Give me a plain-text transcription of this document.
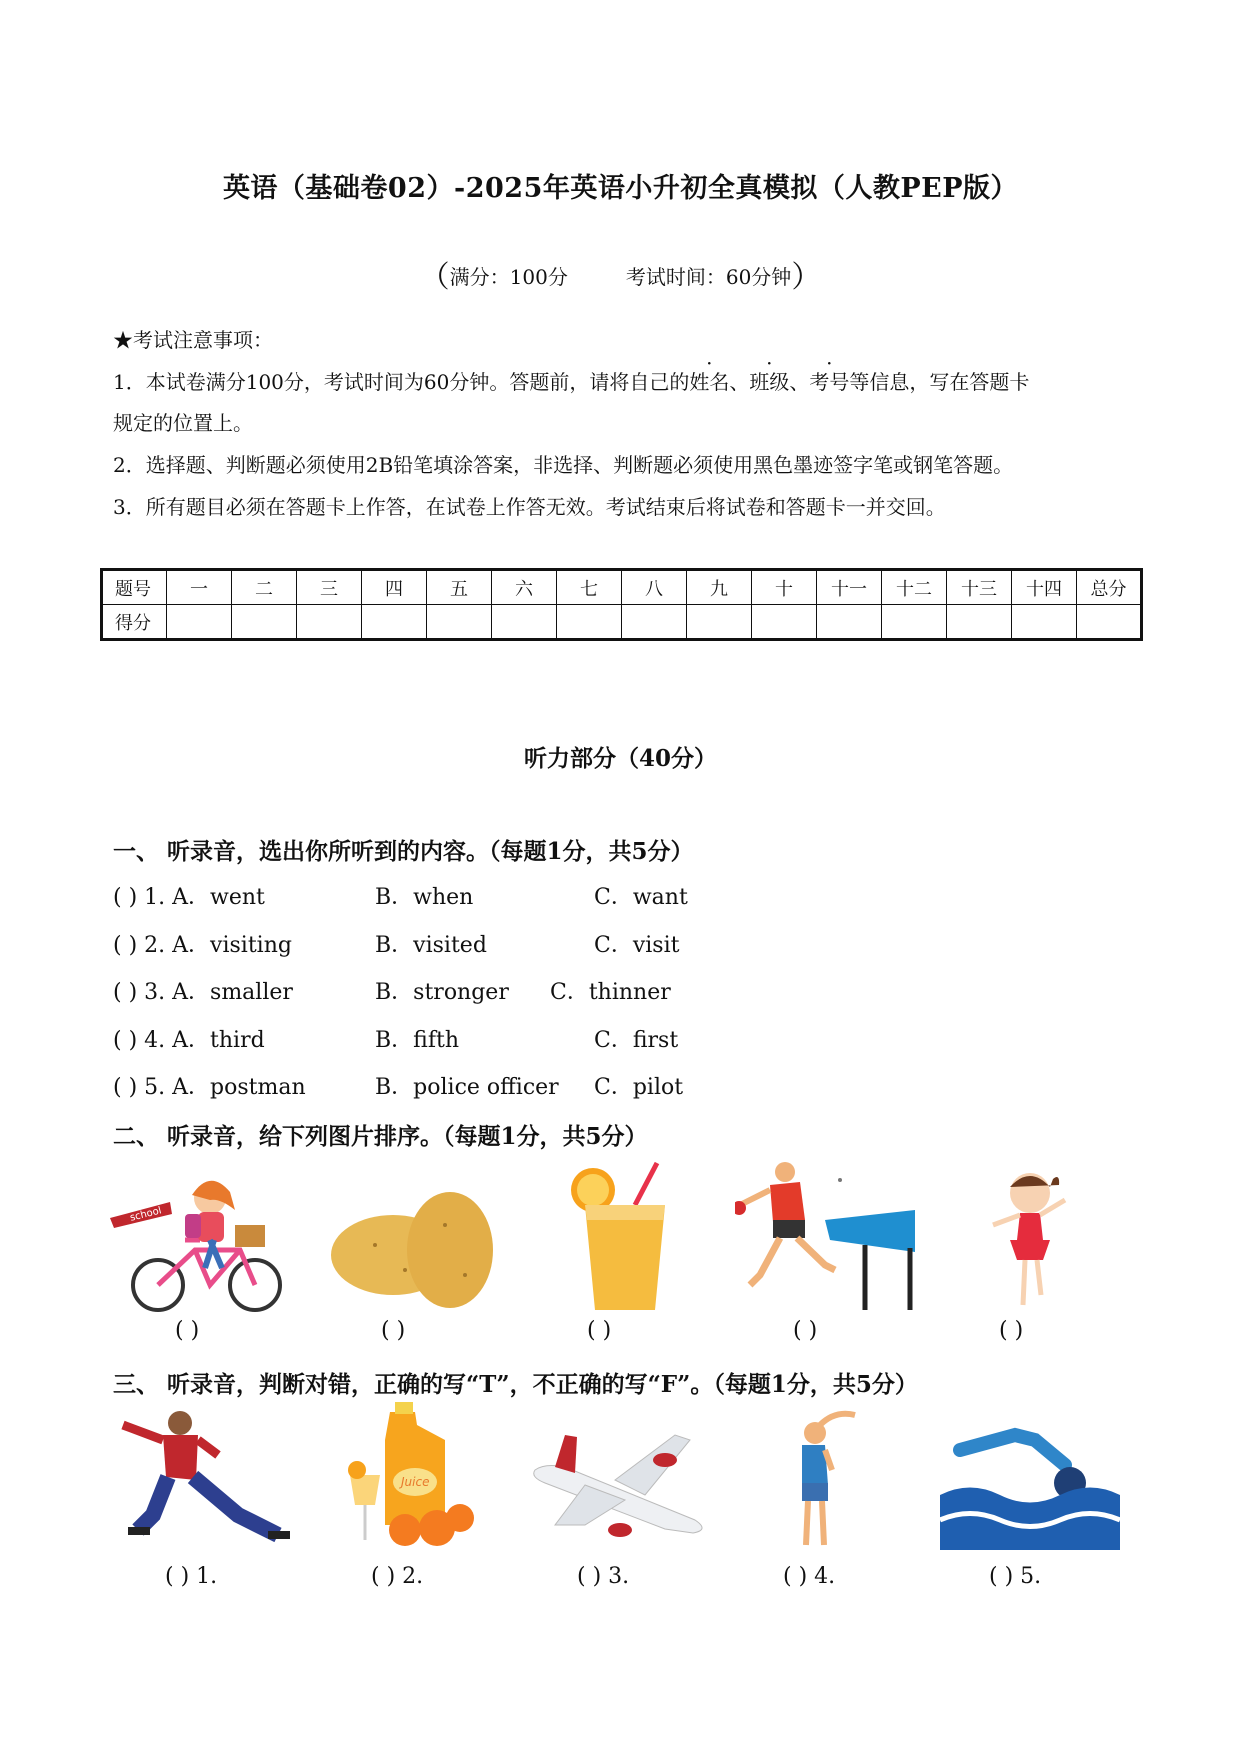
英语（基础卷02）-2025年英语小升初全真模拟（人教PEP版）
（满分：100分	考试时间：60分钟）
★考试注意事项：
1．本试卷满分100分，考试时间为60分钟。答题前，请将自己的姓名、班级、考号等信息，写在答题卡
规定的位置上。
2．选择题、判断题必须使用2B铅笔填涂答案，非选择、判断题必须使用黑色墨迹签字笔或钢笔答题。
3．所有题目必须在答题卡上作答，在试卷上作答无效。考试结束后将试卷和答题卡一并交回。
题号	一	二	三	四	五	六	七	八	九	十	十一	十二	十三	十四	总分
得分															
听力部分（40分）
一、 听录音，选出你所听到的内容。（每题1分，共5分）
( ) 1. A．went	B．when	C．want
( ) 2. A．visiting	B．visited	C．visit
( ) 3. A．smaller	B．stronger C．thinner
( ) 4. A．third	B．fifth	C．first
( ) 5. A．postman	B．police officer C．pilot
二、 听录音，给下列图片排序。（每题1分，共5分）
school
( )	( )	( )	( )	( )
三、 听录音，判断对错，正确的写“T”，不正确的写“F”。（每题1分，共5分）
Juice
( ) 1.	( ) 2.	( ) 3.	( ) 4.	( ) 5.
